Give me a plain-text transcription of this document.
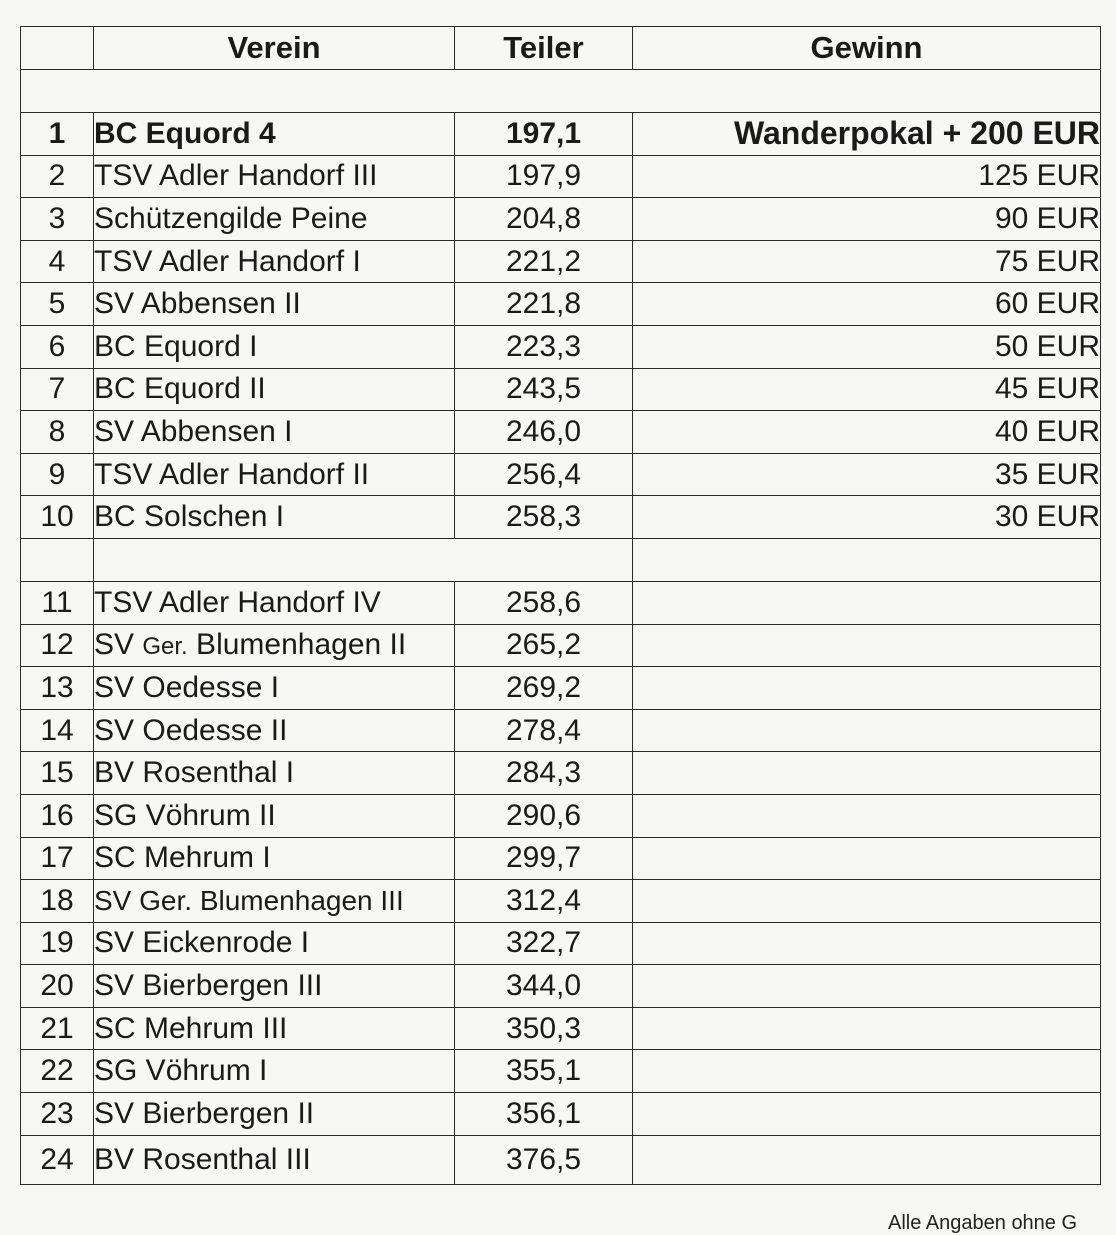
	Verein	Teiler	Gewinn

1	BC Equord 4	197,1	Wanderpokal + 200 EUR
2	TSV Adler Handorf III	197,9	125 EUR
3	Schützengilde Peine	204,8	90 EUR
4	TSV Adler Handorf I	221,2	75 EUR
5	SV Abbensen II	221,8	60 EUR
6	BC Equord I	223,3	50 EUR
7	BC Equord II	243,5	45 EUR
8	SV Abbensen I	246,0	40 EUR
9	TSV Adler Handorf II	256,4	35 EUR
10	BC Solschen I	258,3	30 EUR

11	TSV Adler Handorf IV	258,6	
12	SV Ger. Blumenhagen II	265,2	
13	SV Oedesse I	269,2	
14	SV Oedesse II	278,4	
15	BV Rosenthal I	284,3	
16	SG Vöhrum II	290,6	
17	SC Mehrum I	299,7	
18	SV Ger. Blumenhagen III	312,4	
19	SV Eickenrode I	322,7	
20	SV Bierbergen III	344,0	
21	SC Mehrum III	350,3	
22	SG Vöhrum I	355,1	
23	SV Bierbergen II	356,1	
24	BV Rosenthal III	376,5	
Alle Angaben ohne G
